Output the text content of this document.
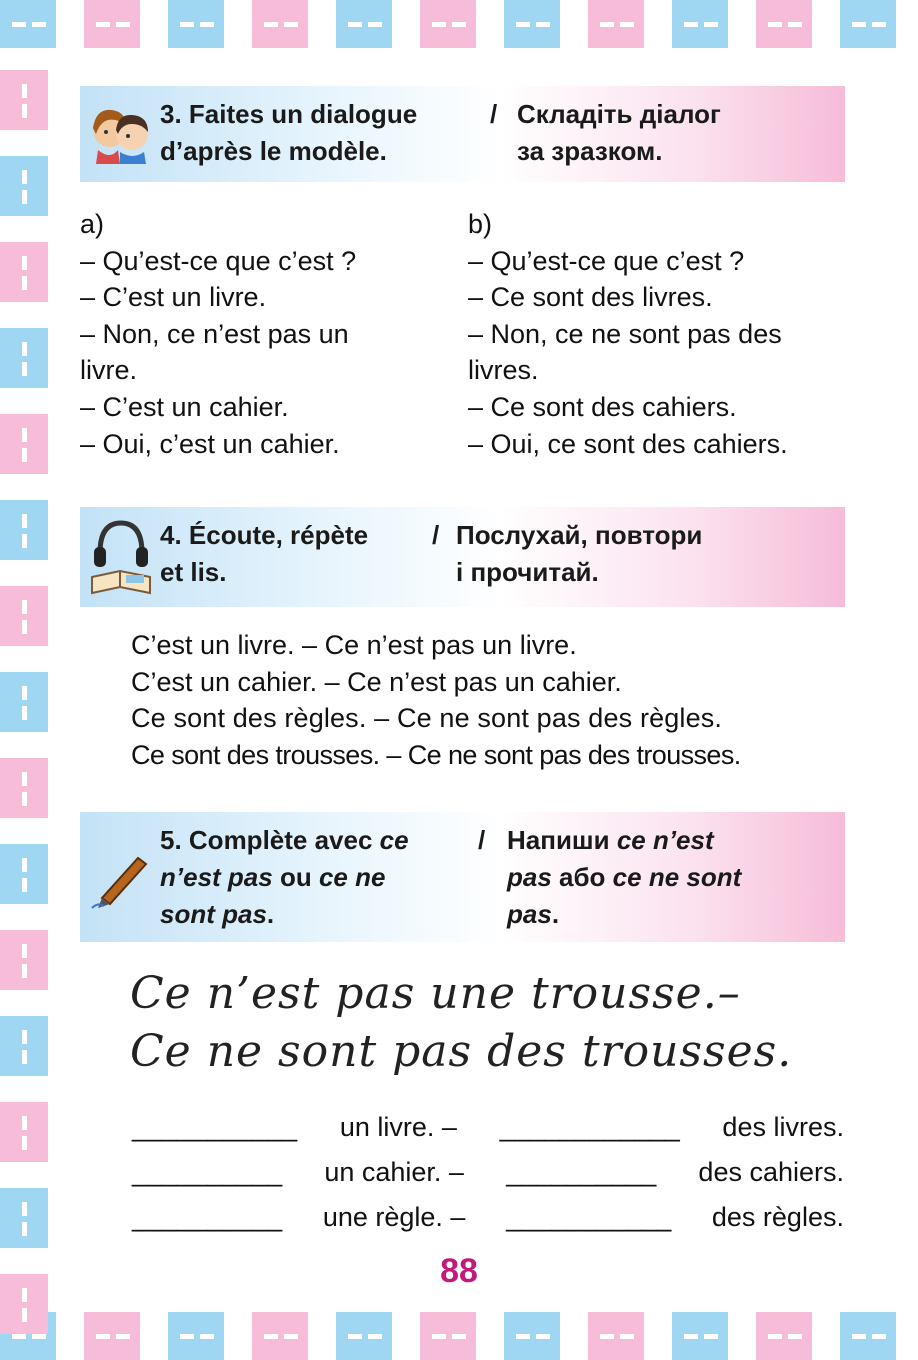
3. Faites un dialogue
d’après le modèle.
/ Складіть діалог
за зразком.
a)
– Qu’est-ce que c’est ?
– C’est un livre.
– Non, ce n’est pas un
livre.
– C’est un cahier.
– Oui, c’est un cahier.
b)
– Qu’est-ce que c’est ?
– Ce sont des livres.
– Non, ce ne sont pas des
livres.
– Ce sont des cahiers.
– Oui, ce sont des cahiers.
4. Écoute, répète
et lis.
/ Послухай, повтори
і прочитай.
C’est un livre. – Ce n’est pas un livre.
C’est un cahier. – Ce n’est pas un cahier.
Ce sont des règles. – Ce ne sont pas des règles.
Ce sont des trousses. – Ce ne sont pas des trousses.
5. Complète avec ce
n’est pas ou ce ne
sont pas.
/ Напиши ce n’est
pas або ce ne sont
pas.
Ce n’est pas une trousse.–
Ce ne sont pas des trousses.
___________ un livre. – ____________ des livres.
__________ un cahier. – __________ des cahiers.
__________ une règle. – ___________ des règles.
88
